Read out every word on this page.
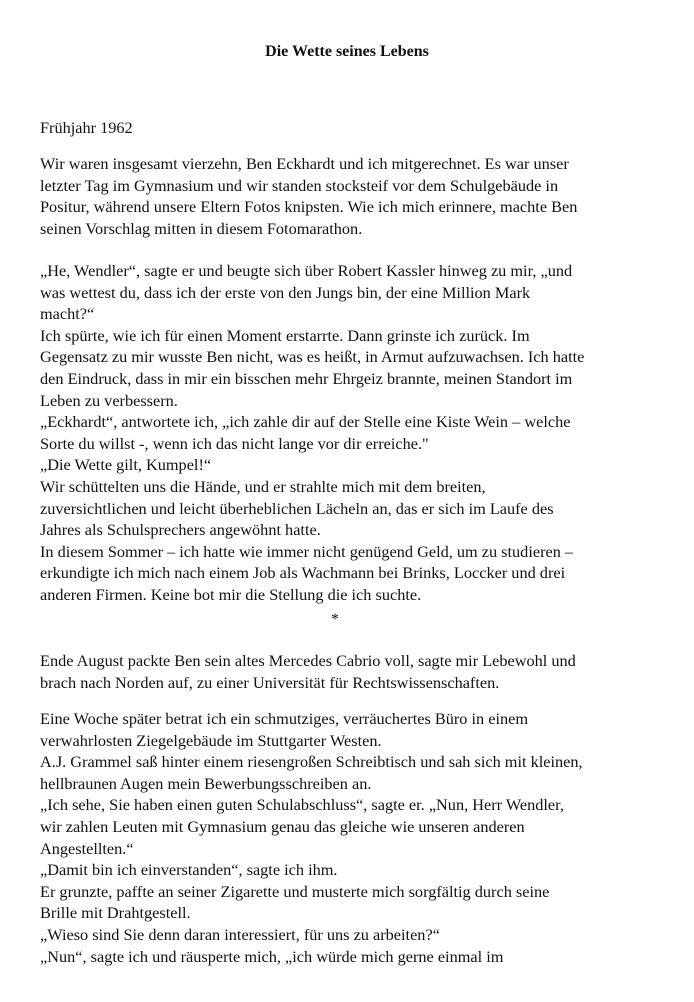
Die Wette seines Lebens
Frühjahr 1962
Wir waren insgesamt vierzehn, Ben Eckhardt und ich mitgerechnet. Es war unser
letzter Tag im Gymnasium und wir standen stocksteif vor dem Schulgebäude in
Positur, während unsere Eltern Fotos knipsten. Wie ich mich erinnere, machte Ben
seinen Vorschlag mitten in diesem Fotomarathon.
„He, Wendler“, sagte er und beugte sich über Robert Kassler hinweg zu mir, „und
was wettest du, dass ich der erste von den Jungs bin, der eine Million Mark
macht?“
Ich spürte, wie ich für einen Moment erstarrte. Dann grinste ich zurück. Im
Gegensatz zu mir wusste Ben nicht, was es heißt, in Armut aufzuwachsen. Ich hatte
den Eindruck, dass in mir ein bisschen mehr Ehrgeiz brannte, meinen Standort im
Leben zu verbessern.
„Eckhardt“, antwortete ich, „ich zahle dir auf der Stelle eine Kiste Wein – welche
Sorte du willst -, wenn ich das nicht lange vor dir erreiche."
„Die Wette gilt, Kumpel!“
Wir schüttelten uns die Hände, und er strahlte mich mit dem breiten,
zuversichtlichen und leicht überheblichen Lächeln an, das er sich im Laufe des
Jahres als Schulsprechers angewöhnt hatte.
In diesem Sommer – ich hatte wie immer nicht genügend Geld, um zu studieren –
erkundigte ich mich nach einem Job als Wachmann bei Brinks, Loccker und drei
anderen Firmen. Keine bot mir die Stellung die ich suchte.
*
Ende August packte Ben sein altes Mercedes Cabrio voll, sagte mir Lebewohl und
brach nach Norden auf, zu einer Universität für Rechtswissenschaften.
Eine Woche später betrat ich ein schmutziges, verräuchertes Büro in einem
verwahrlosten Ziegelgebäude im Stuttgarter Westen.
A.J. Grammel saß hinter einem riesengroßen Schreibtisch und sah sich mit kleinen,
hellbraunen Augen mein Bewerbungsschreiben an.
„Ich sehe, Sie haben einen guten Schulabschluss“, sagte er. „Nun, Herr Wendler,
wir zahlen Leuten mit Gymnasium genau das gleiche wie unseren anderen
Angestellten.“
„Damit bin ich einverstanden“, sagte ich ihm.
Er grunzte, paffte an seiner Zigarette und musterte mich sorgfältig durch seine
Brille mit Drahtgestell.
„Wieso sind Sie denn daran interessiert, für uns zu arbeiten?“
„Nun“, sagte ich und räusperte mich, „ich würde mich gerne einmal im
